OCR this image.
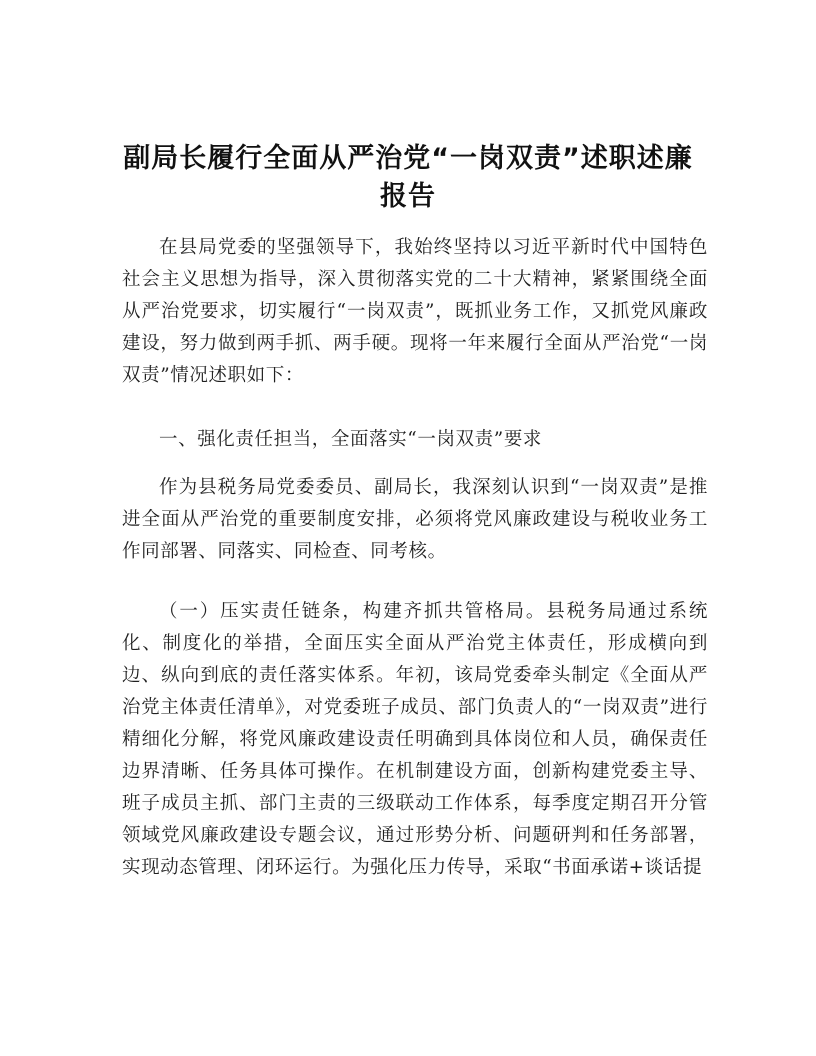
副局长履行全面从严治党“一岗双责”述职述廉报告

在县局党委的坚强领导下，我始终坚持以习近平新时代中国特色社会主义思想为指导，深入贯彻落实党的二十大精神，紧紧围绕全面从严治党要求，切实履行“一岗双责”，既抓业务工作，又抓党风廉政建设，努力做到两手抓、两手硬。现将一年来履行全面从严治党“一岗双责”情况述职如下：

一、强化责任担当，全面落实“一岗双责”要求

作为县税务局党委委员、副局长，我深刻认识到“一岗双责”是推进全面从严治党的重要制度安排，必须将党风廉政建设与税收业务工作同部署、同落实、同检查、同考核。

（一）压实责任链条，构建齐抓共管格局。县税务局通过系统化、制度化的举措，全面压实全面从严治党主体责任，形成横向到边、纵向到底的责任落实体系。年初，该局党委牵头制定《全面从严治党主体责任清单》，对党委班子成员、部门负责人的“一岗双责”进行精细化分解，将党风廉政建设责任明确到具体岗位和人员，确保责任边界清晰、任务具体可操作。在机制建设方面，创新构建党委主导、班子成员主抓、部门主责的三级联动工作体系，每季度定期召开分管领域党风廉政建设专题会议，通过形势分析、问题研判和任务部署，实现动态管理、闭环运行。为强化压力传导，采取“书面承诺+谈话提
